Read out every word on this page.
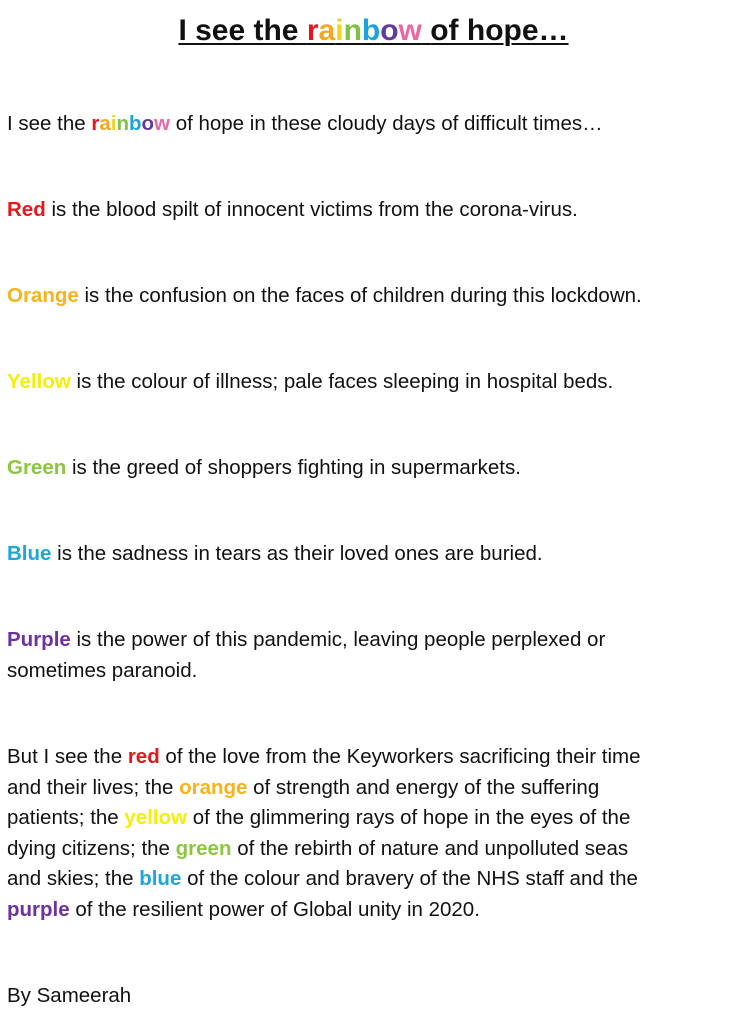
I see the rainbow of hope…

I see the rainbow of hope in these cloudy days of difficult times…

Red is the blood spilt of innocent victims from the corona-virus.

Orange is the confusion on the faces of children during this lockdown.

Yellow is the colour of illness; pale faces sleeping in hospital beds.

Green is the greed of shoppers fighting in supermarkets.

Blue is the sadness in tears as their loved ones are buried.

Purple is the power of this pandemic, leaving people perplexed or
sometimes paranoid.

But I see the red of the love from the Keyworkers sacrificing their time
and their lives; the orange of strength and energy of the suffering
patients; the yellow of the glimmering rays of hope in the eyes of the
dying citizens; the green of the rebirth of nature and unpolluted seas
and skies; the blue of the colour and bravery of the NHS staff and the
purple of the resilient power of Global unity in 2020.

By Sameerah
